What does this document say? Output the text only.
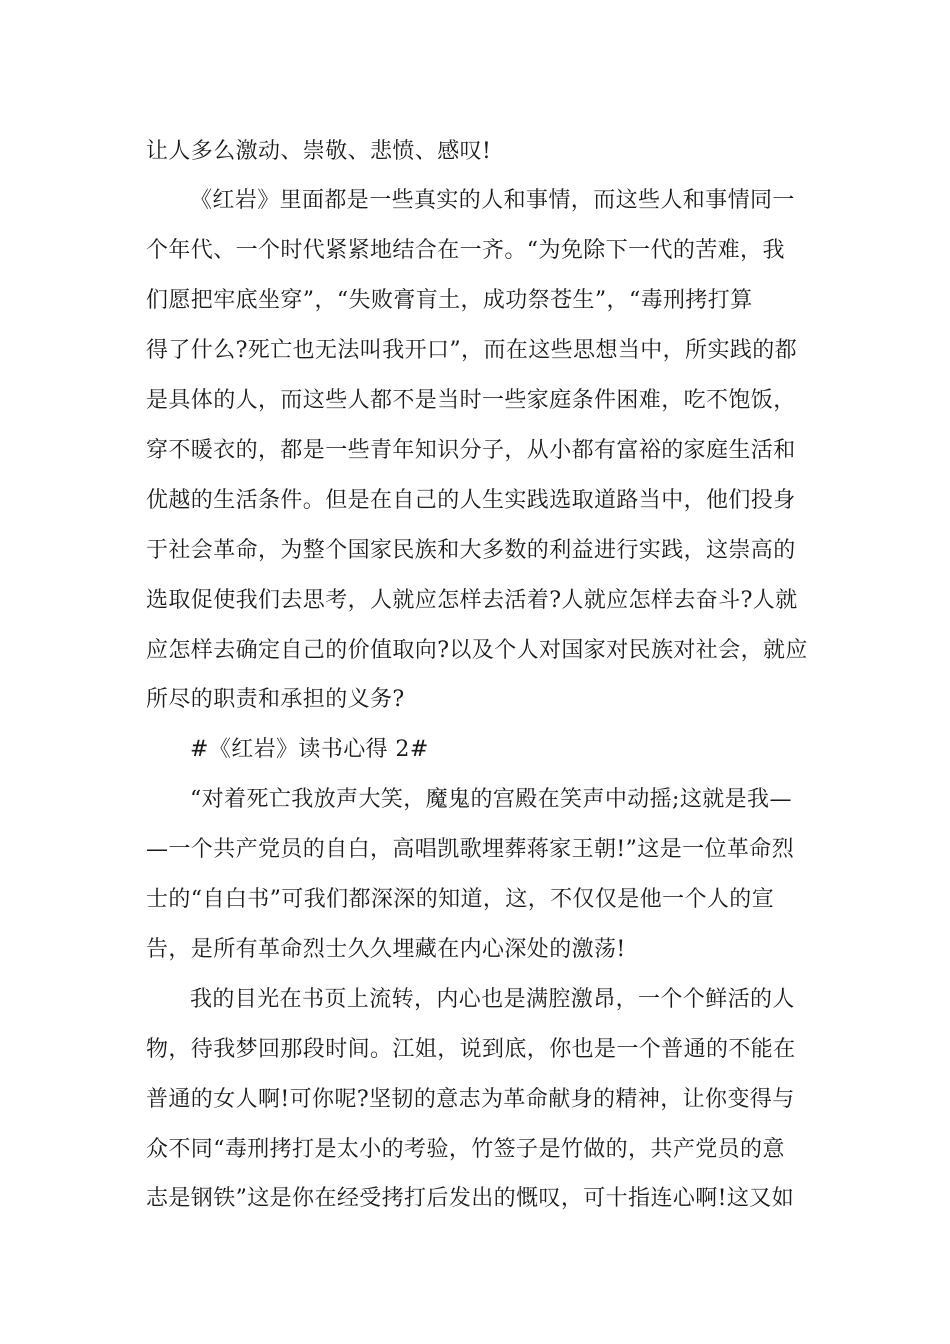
让人多么激动、崇敬、悲愤、感叹!
《红岩》里面都是一些真实的人和事情，而这些人和事情同一
个年代、一个时代紧紧地结合在一齐。“为免除下一代的苦难，我
们愿把牢底坐穿”，“失败膏肓土，成功祭苍生”，“毒刑拷打算
得了什么?死亡也无法叫我开口”，而在这些思想当中，所实践的都
是具体的人，而这些人都不是当时一些家庭条件困难，吃不饱饭，
穿不暖衣的，都是一些青年知识分子，从小都有富裕的家庭生活和
优越的生活条件。但是在自己的人生实践选取道路当中，他们投身
于社会革命，为整个国家民族和大多数的利益进行实践，这崇高的
选取促使我们去思考，人就应怎样去活着?人就应怎样去奋斗?人就
应怎样去确定自己的价值取向?以及个人对国家对民族对社会，就应
所尽的职责和承担的义务?
#《红岩》读书心得 2#
“对着死亡我放声大笑，魔鬼的宫殿在笑声中动摇;这就是我—
—一个共产党员的自白，高唱凯歌埋葬蒋家王朝!”这是一位革命烈
士的“自白书”可我们都深深的知道，这，不仅仅是他一个人的宣
告，是所有革命烈士久久埋藏在内心深处的激荡!
我的目光在书页上流转，内心也是满腔激昂，一个个鲜活的人
物，待我梦回那段时间。江姐，说到底，你也是一个普通的不能在
普通的女人啊!可你呢?坚韧的意志为革命献身的精神，让你变得与
众不同“毒刑拷打是太小的考验，竹签子是竹做的，共产党员的意
志是钢铁”这是你在经受拷打后发出的慨叹，可十指连心啊!这又如
